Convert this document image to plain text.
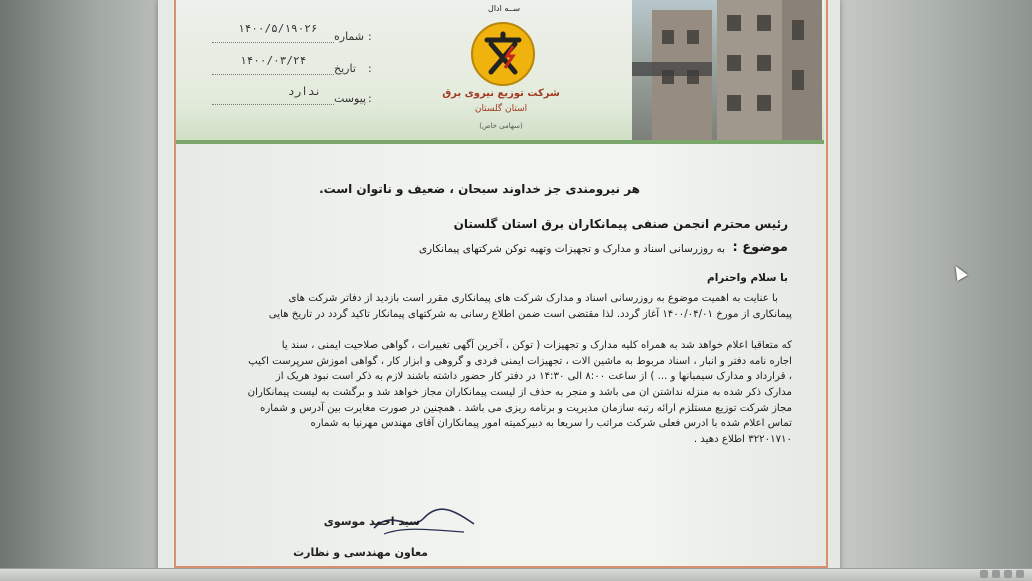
شماره :
۱۴۰۰/۵/۱۹۰۲۶
تاریخ :
۱۴۰۰/۰۳/۲۴
پیوست :
ندارد
ســه ادال
شرکت توزیع نیروی برق
استان گلستان
(سهامی خاص)
هر نیرومندی جز خداوند سبحان ، ضعیف و ناتوان است.
رئیس محترم انجمن صنفی پیمانکاران برق استان گلستان
موضوع :
به روزرسانی اسناد و مدارک و تجهیزات وتهیه توکن شرکتهای پیمانکاری
با سلام واحترام
با عنایت به اهمیت موضوع به روزرسانی اسناد و مدارک شرکت های پیمانکاری مقرر است بازدید از دفاتر شرکت های
پیمانکاری از مورخ ۱۴۰۰/۰۴/۰۱ آغاز گردد. لذا مقتضی است ضمن اطلاع رسانی به شرکتهای پیمانکار تاکید گردد در تاریخ هایی
که متعاقبا اعلام خواهد شد به همراه کلیه مدارک و تجهیزات ( توکن ، آخرین آگهی تغییرات ، گواهی صلاحیت ایمنی ، سند یا
اجاره نامه دفتر و انبار ، اسناد مربوط به ماشین الات ، تجهیزات ایمنی فردی و گروهی و ابزار کار ، گواهی اموزش سرپرست اکیپ
، قرارداد و مدارک سیمبانها و ... ) از ساعت ۸:۰۰ الی ۱۴:۳۰ در دفتر کار حضور داشته باشند لازم به ذکر است نبود هریک از
مدارک ذکر شده به منزله نداشتن ان می باشد و منجر به حذف از لیست پیمانکاران مجاز خواهد شد و برگشت به لیست پیمانکاران
مجاز شرکت توزیع مستلزم ارائه رتبه سازمان مدیریت و برنامه ریزی می باشد . همچنین در صورت مغایرت بین آدرس و شماره
تماس اعلام شده با ادرس فعلی شرکت مراتب را سریعا به دبیرکمیته امور پیمانکاران آقای مهندس مهرنیا به شماره
۳۲۲۰۱۷۱۰ اطلاع دهید .
سید احمد موسوی
معاون مهندسی و نظارت
